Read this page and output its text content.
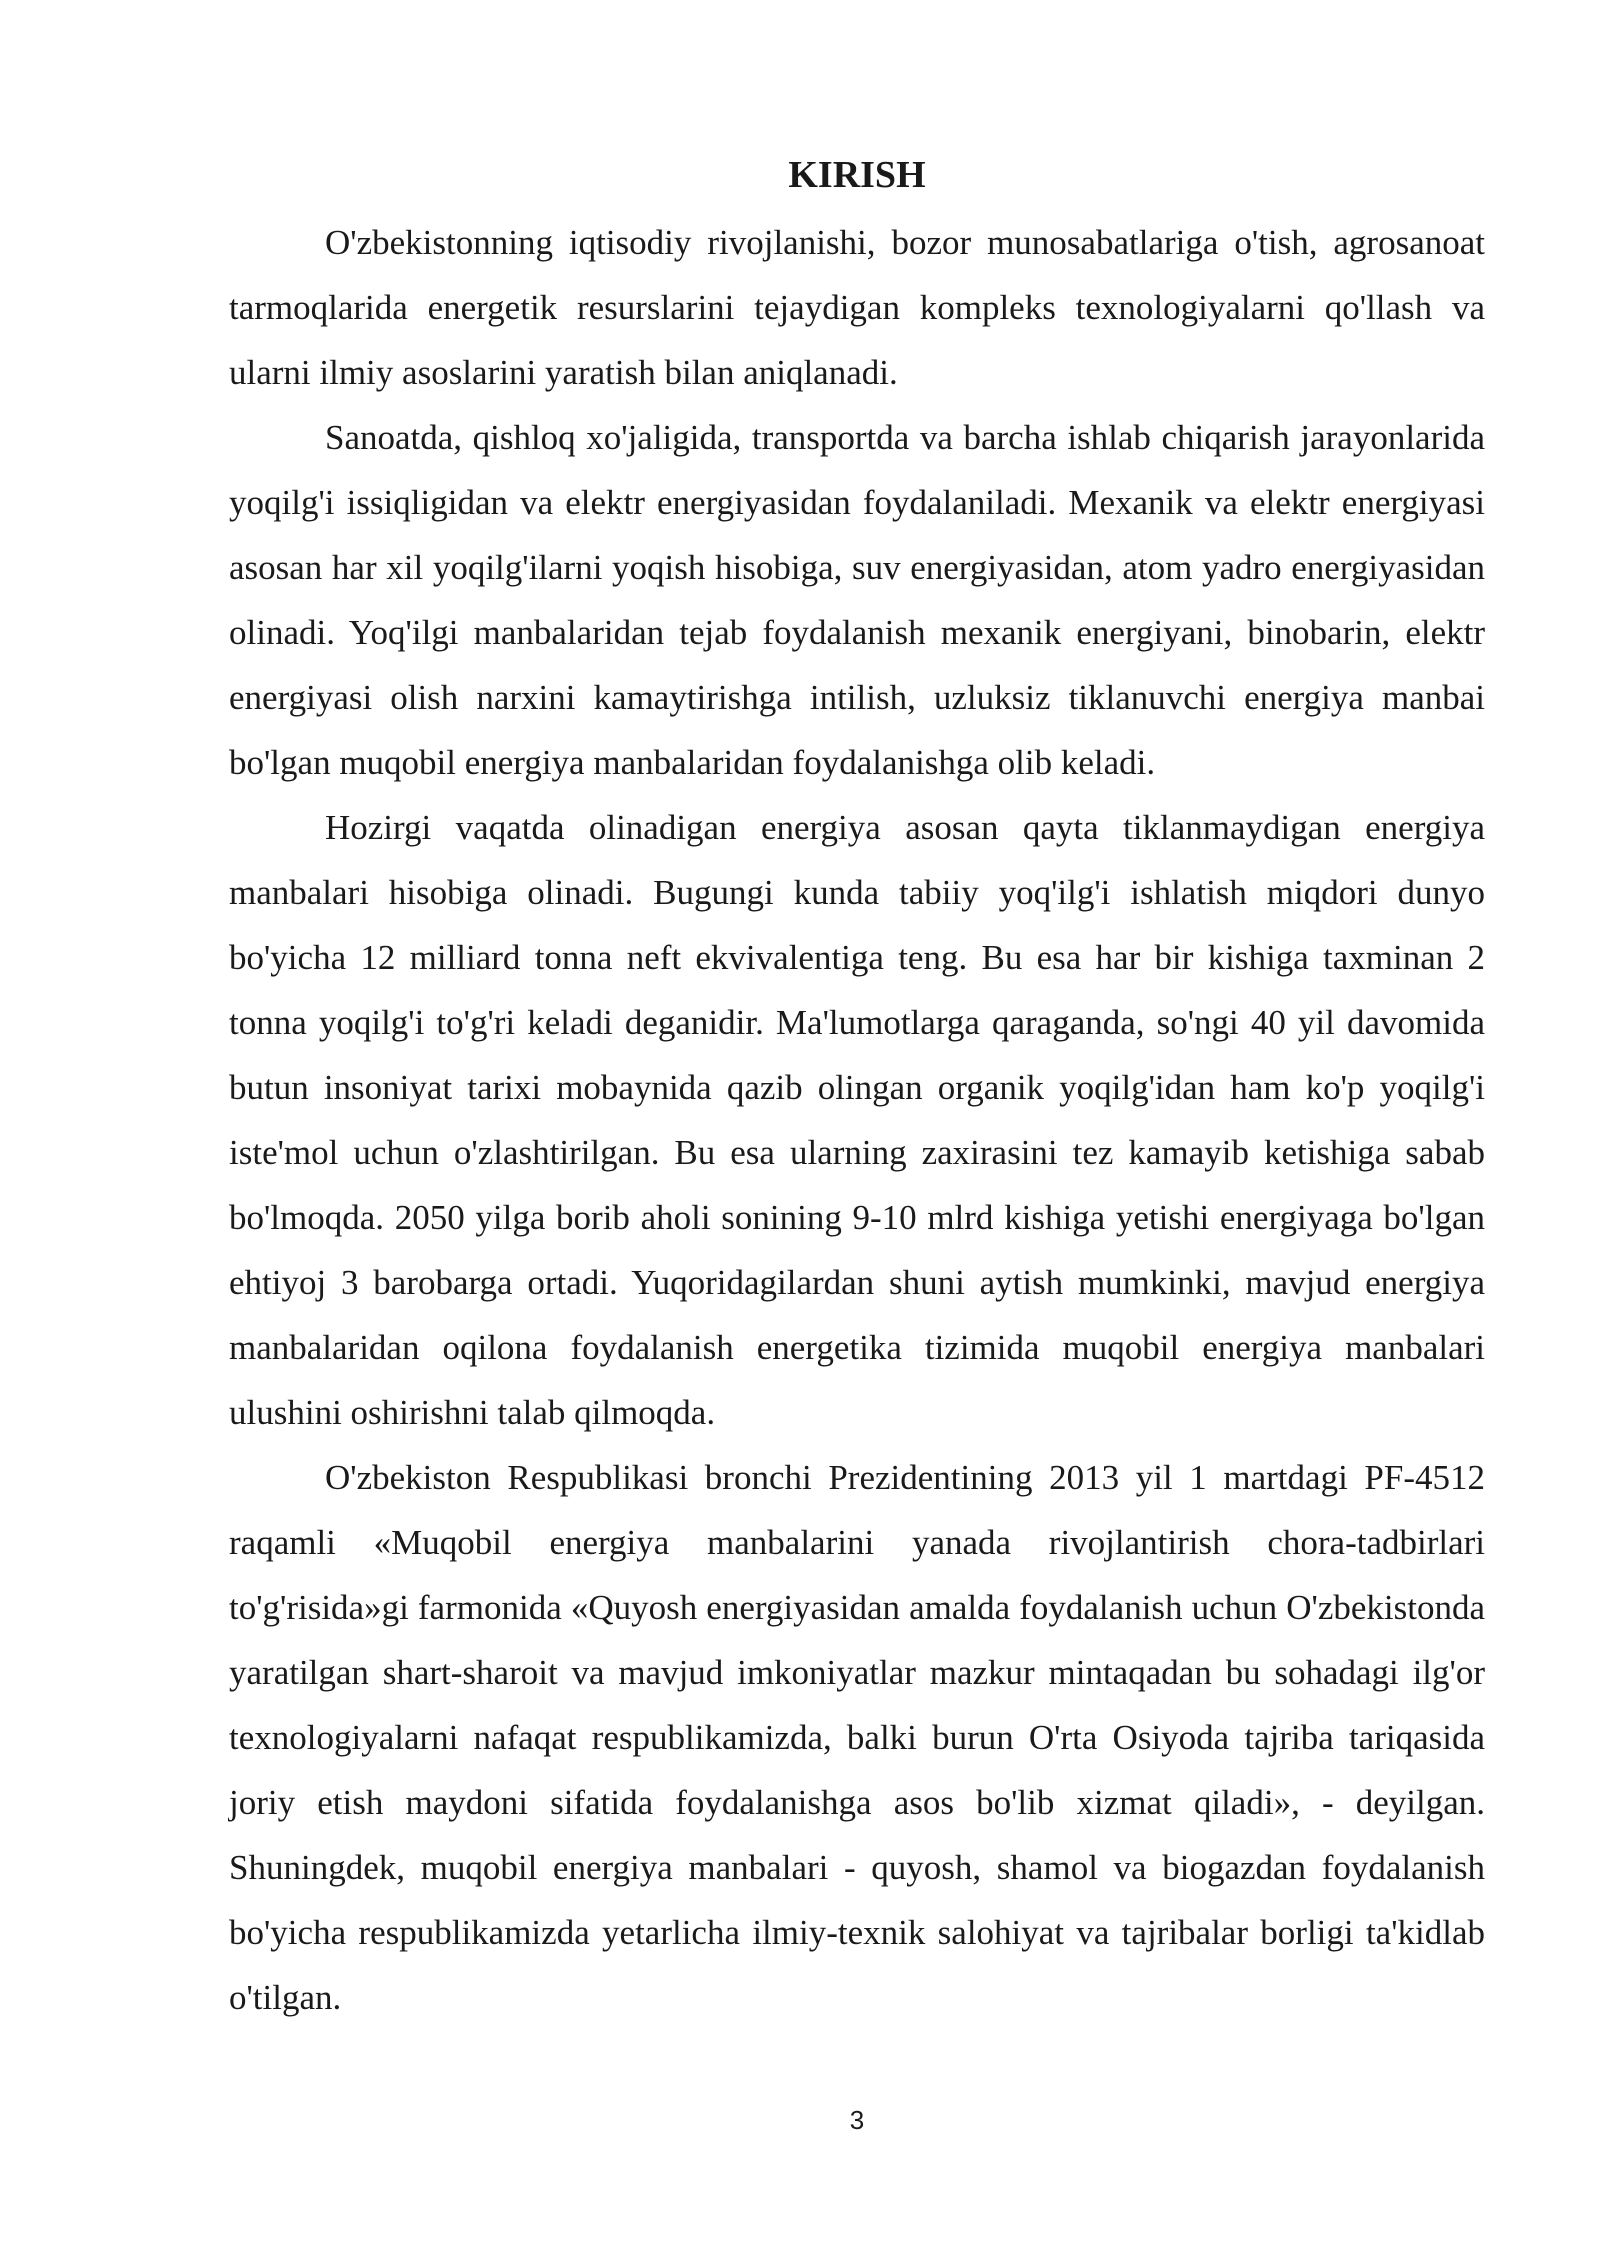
KIRISH

O'zbekistonning iqtisodiy rivojlanishi, bozor munosabatlariga o'tish, agrosanoat tarmoqlarida energetik resurslarini tejaydigan kompleks texnologiyalarni qo'llash va ularni ilmiy asoslarini yaratish bilan aniqlanadi.

Sanoatda, qishloq xo'jaligida, transportda va barcha ishlab chiqarish jarayonlarida yoqilg'i issiqligidan va elektr energiyasidan foydalaniladi. Mexanik va elektr energiyasi asosan har xil yoqilg'ilarni yoqish hisobiga, suv energiyasidan, atom yadro energiyasidan olinadi. Yoq'ilgi manbalaridan tejab foydalanish mexanik energiyani, binobarin, elektr energiyasi olish narxini kamaytirishga intilish, uzluksiz tiklanuvchi energiya manbai bo'lgan muqobil energiya manbalaridan foydalanishga olib keladi.

Hozirgi vaqatda olinadigan energiya asosan qayta tiklanmaydigan energiya manbalari hisobiga olinadi. Bugungi kunda tabiiy yoq'ilg'i ishlatish miqdori dunyo bo'yicha 12 milliard tonna neft ekvivalentiga teng. Bu esa har bir kishiga taxminan 2 tonna yoqilg'i to'g'ri keladi deganidir. Ma'lumotlarga qaraganda, so'ngi 40 yil davomida butun insoniyat tarixi mobaynida qazib olingan organik yoqilg'idan ham ko'p yoqilg'i iste'mol uchun o'zlashtirilgan. Bu esa ularning zaxirasini tez kamayib ketishiga sabab bo'lmoqda. 2050 yilga borib aholi sonining 9-10 mlrd kishiga yetishi energiyaga bo'lgan ehtiyoj 3 barobarga ortadi. Yuqoridagilardan shuni aytish mumkinki, mavjud energiya manbalaridan oqilona foydalanish energetika tizimida muqobil energiya manbalari ulushini oshirishni talab qilmoqda.

O'zbekiston Respublikasi bronchi Prezidentining 2013 yil 1 martdagi PF-4512 raqamli «Muqobil energiya manbalarini yanada rivojlantirish chora-tadbirlari to'g'risida»gi farmonida «Quyosh energiyasidan amalda foydalanish uchun O'zbekistonda yaratilgan shart-sharoit va mavjud imkoniyatlar mazkur mintaqadan bu sohadagi ilg'or texnologiyalarni nafaqat respublikamizda, balki burun O'rta Osiyoda tajriba tariqasida joriy etish maydoni sifatida foydalanishga asos bo'lib xizmat qiladi», - deyilgan. Shuningdek, muqobil energiya manbalari - quyosh, shamol va biogazdan foydalanish bo'yicha respublikamizda yetarlicha ilmiy-texnik salohiyat va tajribalar borligi ta'kidlab o'tilgan.

3
